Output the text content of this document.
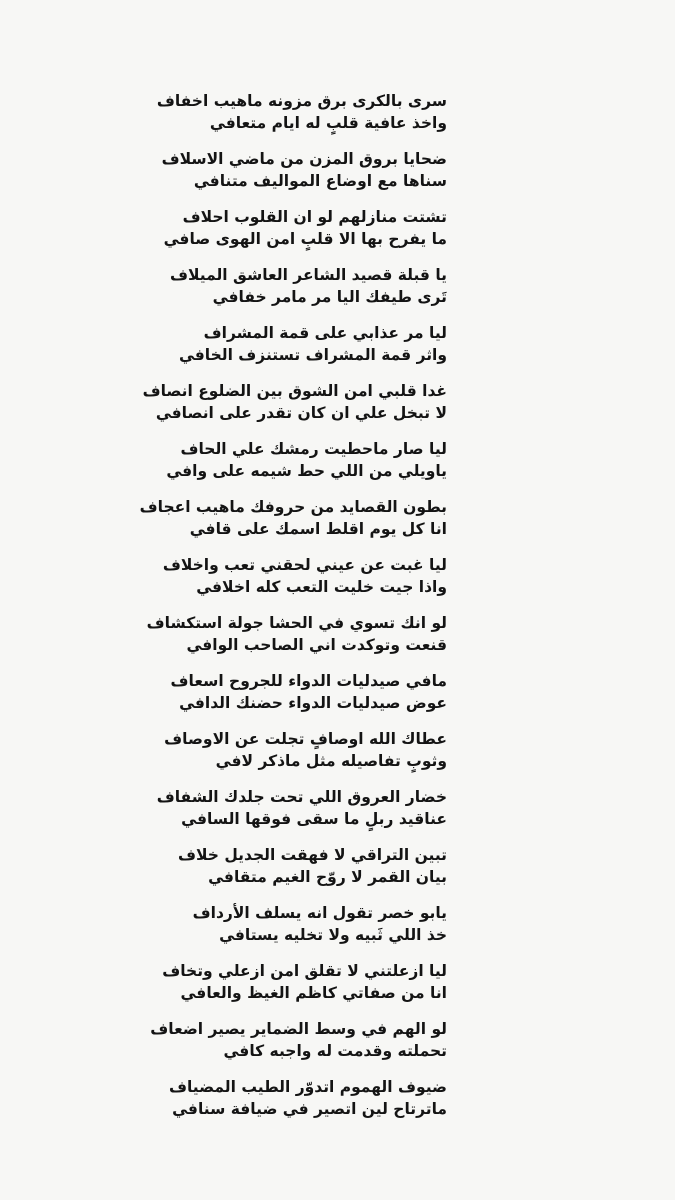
سرى بالكرى برق مزونه ماهيب اخفاف
واخذ عافية قلبٍ له ايام متعافي
ضحايا بروق المزن من ماضي الاسلاف
سناها مع اوضاع المواليف متنافي
تشتت منازلهم لو ان القلوب احلاف
ما يفرح بها الا قلبٍ امن الهوى صافي
يا قبلة قصيد الشاعر العاشق الميلاف
تَرى طيفك اليا مر مامر خفافي
ليا مر عذابي على قمة المشراف
واثر قمة المشراف تستنزف الخافي
غدا قلبي امن الشوق بين الضلوع انصاف
لا تبخل علي ان كان تقدر على انصافي
ليا صار ماحطيت رمشك علي الحاف
ياويلي من اللي حط شيمه على وافي
بطون القصايد من حروفك ماهيب اعجاف
انا كل يوم اقلط اسمك على قافي
ليا غبت عن عيني لحقني تعب واخلاف
واذا جيت خليت التعب كله اخلافي
لو انك تسوي في الحشا جولة استكشاف
قنعت وتوكدت اني الصاحب الوافي
مافي صيدليات الدواء للجروح اسعاف
عوض صيدليات الدواء حضنك الدافي
عطاك الله اوصافٍ تجلت عن الاوصاف
وثوبٍ تفاصيله مثل ماذكر لافي
خضار العروق اللي تحت جلدك الشفاف
عناقيد ربلٍ ما سقى فوقها السافي
تبين التراقي لا فهقت الجديل خلاف
بيان القمر لا روّح الغيم متقافي
يابو خصر تقول انه يسلف الأرداف
خذ اللي ثَبيه ولا تخليه يستافي
ليا ازعلتني لا تقلق امن ازعلي وتخاف
انا من صفاتي كاظم الغيظ والعافي
لو الهم في وسط الضماير يصير اضعاف
تحملته وقدمت له واجبه كافي
ضيوف الهموم اتدوّر الطيب المضياف
ماترتاح لين اتصير في ضيافة سنافي
